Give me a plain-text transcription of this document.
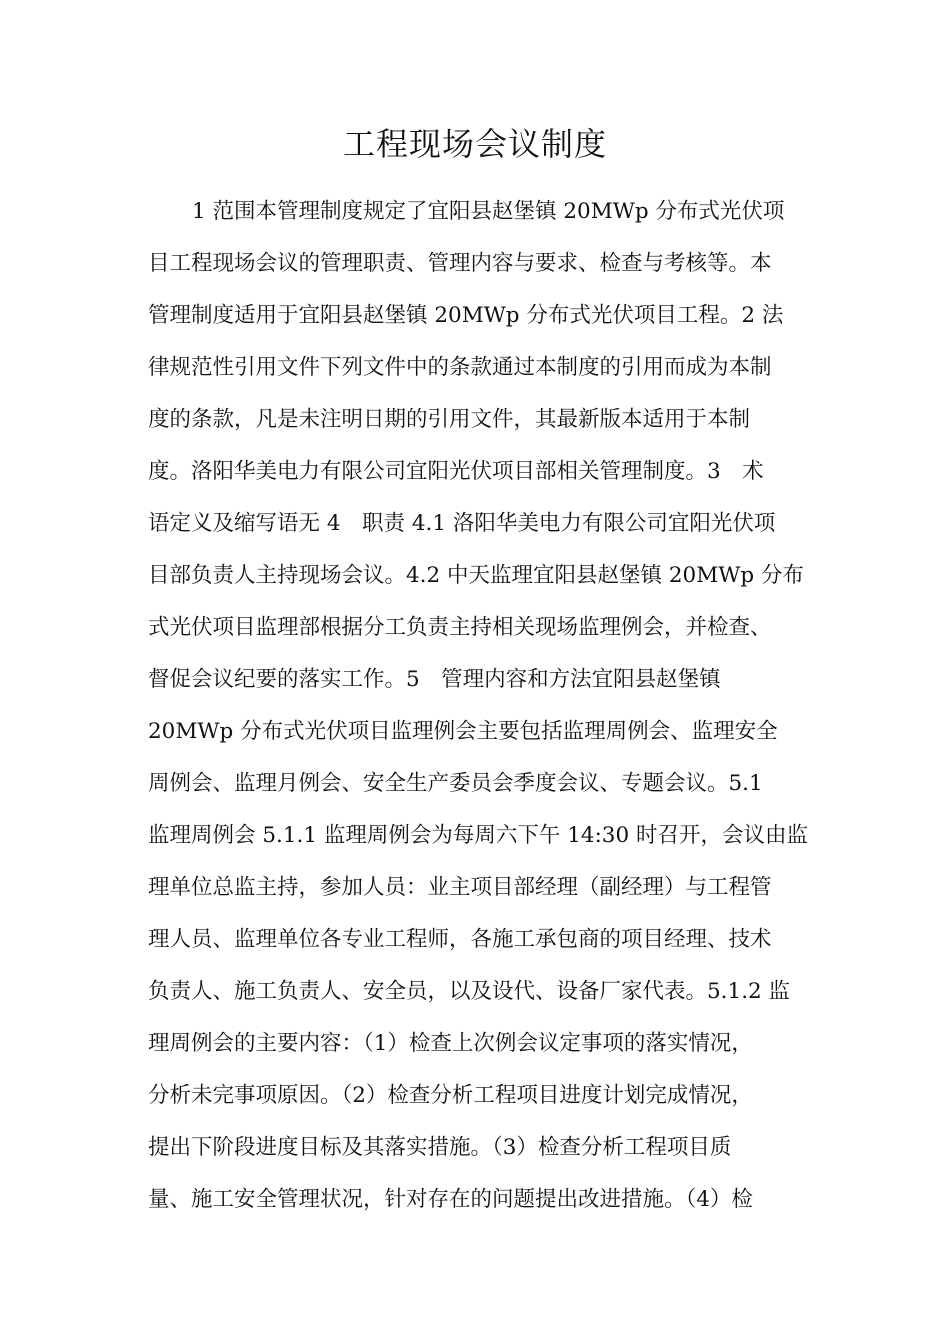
工程现场会议制度
1 范围本管理制度规定了宜阳县赵堡镇 20MWp 分布式光伏项
目工程现场会议的管理职责、管理内容与要求、检查与考核等。本
管理制度适用于宜阳县赵堡镇 20MWp 分布式光伏项目工程。2 法
律规范性引用文件下列文件中的条款通过本制度的引用而成为本制
度的条款，凡是未注明日期的引用文件，其最新版本适用于本制
度。洛阳华美电力有限公司宜阳光伏项目部相关管理制度。3　术
语定义及缩写语无 4　职责 4.1 洛阳华美电力有限公司宜阳光伏项
目部负责人主持现场会议。4.2 中天监理宜阳县赵堡镇 20MWp 分布
式光伏项目监理部根据分工负责主持相关现场监理例会，并检查、
督促会议纪要的落实工作。5　管理内容和方法宜阳县赵堡镇
20MWp 分布式光伏项目监理例会主要包括监理周例会、监理安全
周例会、监理月例会、安全生产委员会季度会议、专题会议。5.1
监理周例会 5.1.1 监理周例会为每周六下午 14:30 时召开，会议由监
理单位总监主持，参加人员：业主项目部经理（副经理）与工程管
理人员、监理单位各专业工程师，各施工承包商的项目经理、技术
负责人、施工负责人、安全员，以及设代、设备厂家代表。5.1.2 监
理周例会的主要内容：（1）检查上次例会议定事项的落实情况，
分析未完事项原因。（2）检查分析工程项目进度计划完成情况，
提出下阶段进度目标及其落实措施。（3）检查分析工程项目质
量、施工安全管理状况，针对存在的问题提出改进措施。（4）检
